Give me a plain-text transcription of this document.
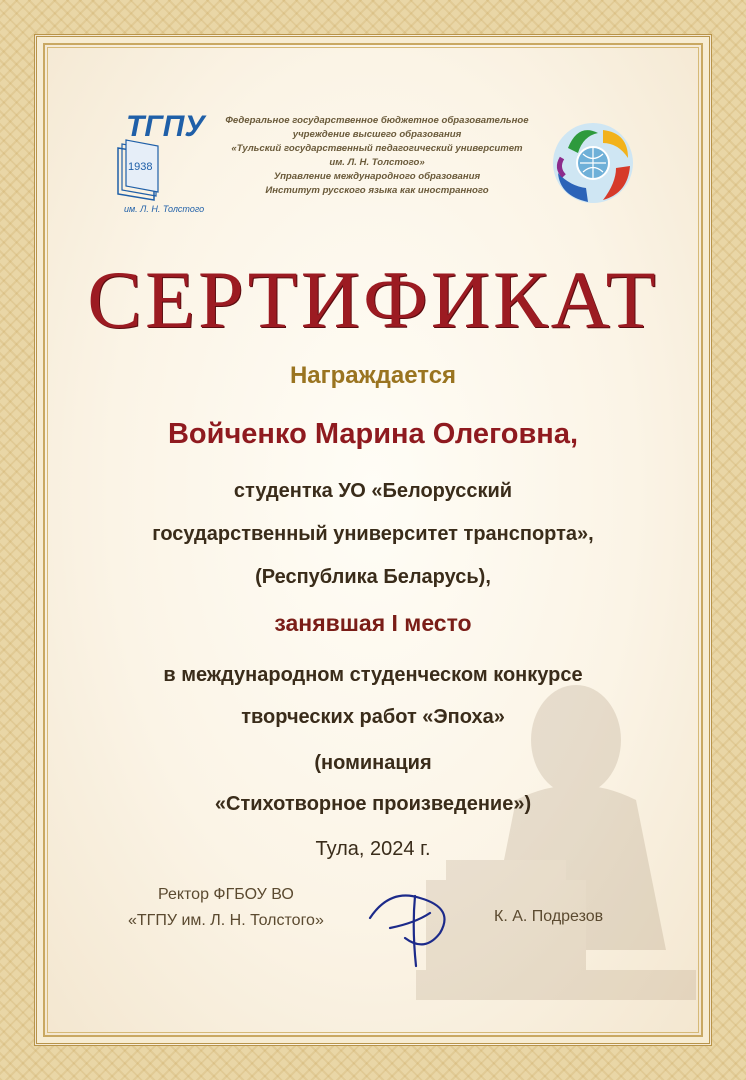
1938
ТГПУ
им. Л. Н. Толстого
Федеральное государственное бюджетное образовательное
учреждение высшего образования
«Тульский государственный педагогический университет
им. Л. Н. Толстого»
Управление международного образования
Институт русского языка как иностранного
СЕРТИФИКАТ
Награждается
Войченко Марина Олеговна,
студентка УО «Белорусский
государственный университет транспорта»,
(Республика Беларусь),
занявшая I место
в международном студенческом конкурсе
творческих работ «Эпоха»
(номинация
«Стихотворное произведение»)
Тула, 2024 г.
Ректор ФГБОУ ВО
«ТГПУ им. Л. Н. Толстого»	К. А. Подрезов
